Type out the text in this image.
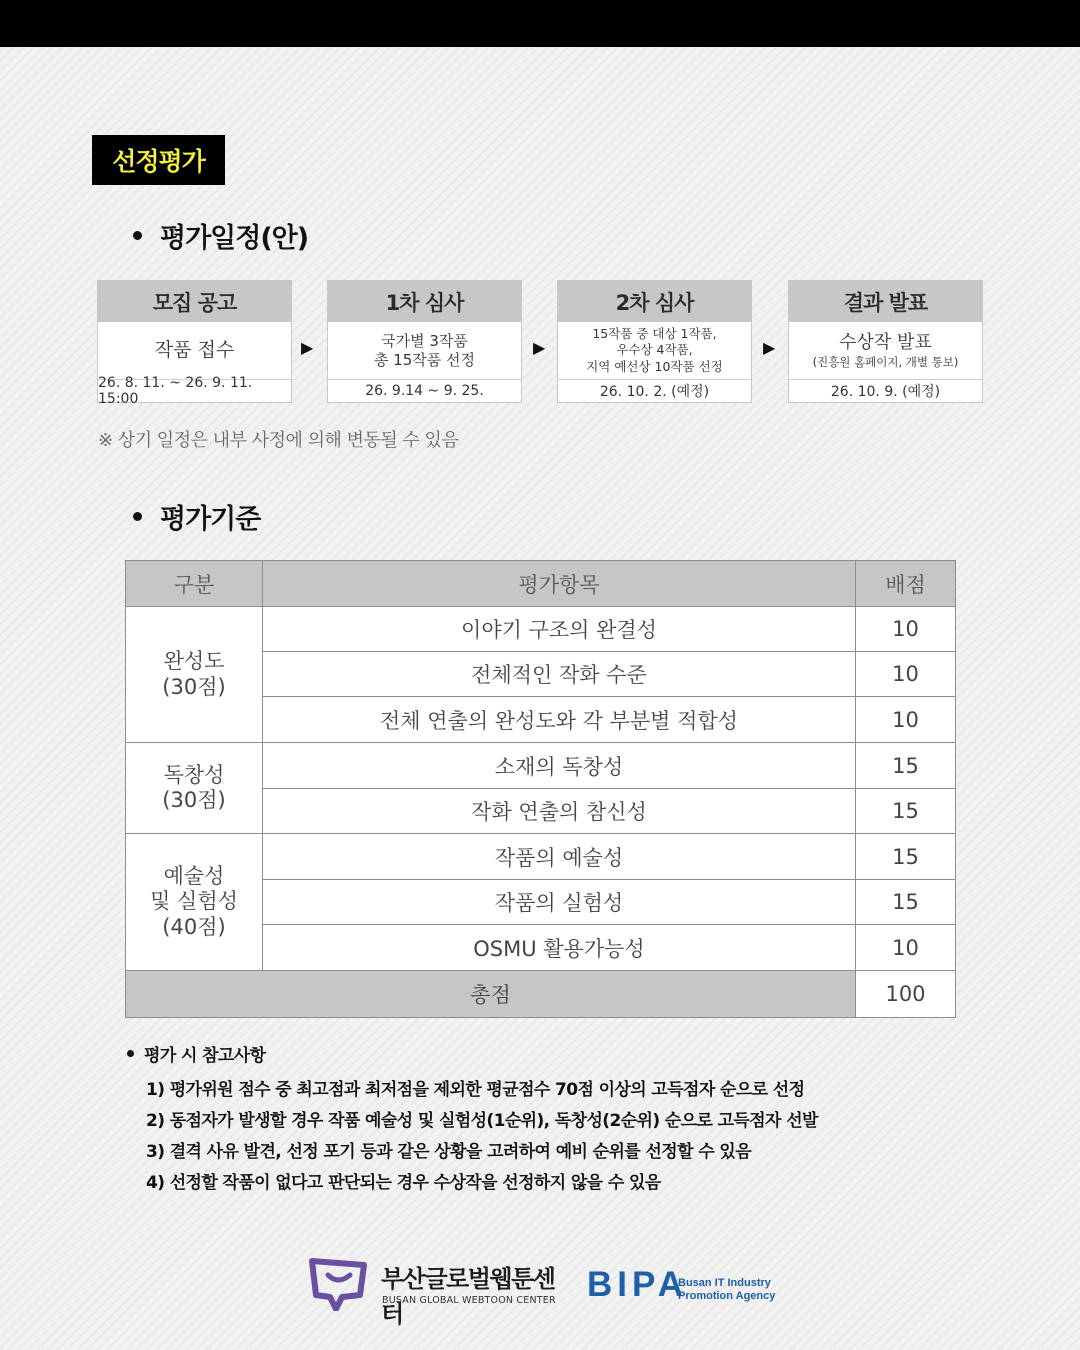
선정평가
평가일정(안)
모집 공고
작품 접수
26. 8. 11. ~ 26. 9. 11. 15:00
▶
1차 심사
국가별 3작품
총 15작품 선정
26. 9.14 ~ 9. 25.
▶
2차 심사
15작품 중 대상 1작품,
우수상 4작품,
지역 예선상 10작품 선정
26. 10. 2. (예정)
▶
결과 발표
수상작 발표
(진흥원 홈페이지, 개별 통보)
26. 10. 9. (예정)
※ 상기 일정은 내부 사정에 의해 변동될 수 있음
평가기준
구분	평가항목	배점

완성도
(30점)	이야기 구조의 완결성	10
	전체적인 작화 수준	10
	전체 연출의 완성도와 각 부분별 적합성	10

독창성
(30점)	소재의 독창성	15
	작화 연출의 참신성	15

예술성
및 실험성
(40점)	작품의 예술성	15
	작품의 실험성	15
	OSMU 활용가능성	10
총점		100
평가 시 참고사항
1) 평가위원 점수 중 최고점과 최저점을 제외한 평균점수 70점 이상의 고득점자 순으로 선정
2) 동점자가 발생할 경우 작품 예술성 및 실험성(1순위), 독창성(2순위) 순으로 고득점자 선발
3) 결격 사유 발견, 선정 포기 등과 같은 상황을 고려하여 예비 순위를 선정할 수 있음
4) 선정할 작품이 없다고 판단되는 경우 수상작을 선정하지 않을 수 있음
부산글로벌웹툰센터
BUSAN GLOBAL WEBTOON CENTER BIPA
Busan IT Industry
Promotion Agency
